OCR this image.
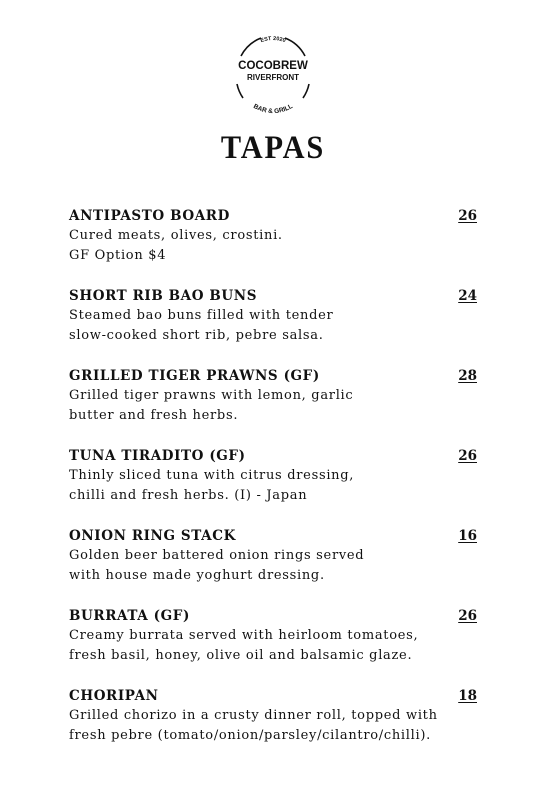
EST 2020
COCOBREW
RIVERFRONT
BAR & GRILL
TAPAS
ANTIPASTO BOARD	26
Cured meats, olives, crostini.
GF Option $4
SHORT RIB BAO BUNS	24
Steamed bao buns filled with tender
slow-cooked short rib, pebre salsa.
GRILLED TIGER PRAWNS (GF)	28
Grilled tiger prawns with lemon, garlic
butter and fresh herbs.
TUNA TIRADITO (GF)	26
Thinly sliced tuna with citrus dressing,
chilli and fresh herbs. (I) - Japan
ONION RING STACK	16
Golden beer battered onion rings served
with house made yoghurt dressing.
BURRATA (GF)	26
Creamy burrata served with heirloom tomatoes,
fresh basil, honey, olive oil and balsamic glaze.
CHORIPAN	18
Grilled chorizo in a crusty dinner roll, topped with
fresh pebre (tomato/onion/parsley/cilantro/chilli).
